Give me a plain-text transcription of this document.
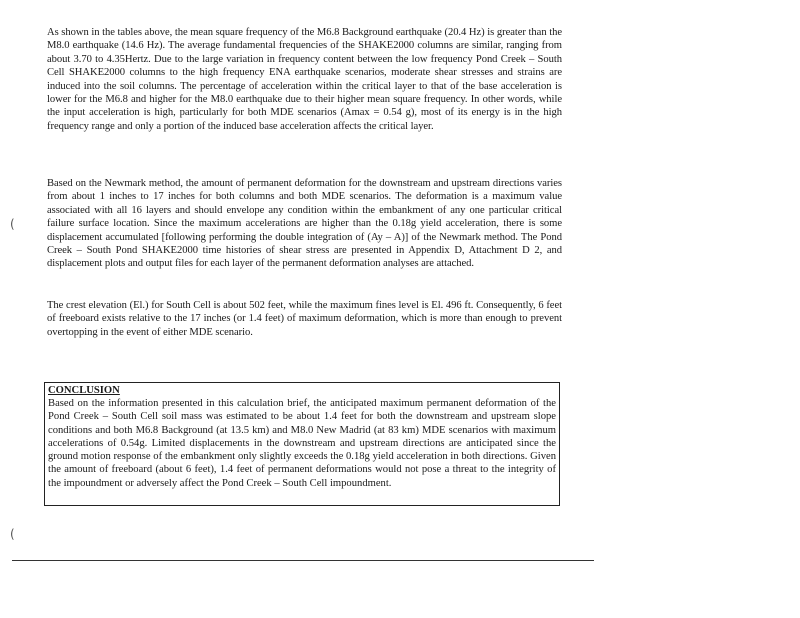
As shown in the tables above, the mean square frequency of the M6.8 Background earthquake (20.4 Hz) is greater than the M8.0 earthquake (14.6 Hz). The average fundamental frequencies of the SHAKE2000 columns are similar, ranging from about 3.70 to 4.35Hertz. Due to the large variation in frequency content between the low frequency Pond Creek – South Cell SHAKE2000 columns to the high frequency ENA earthquake scenarios, moderate shear stresses and strains are induced into the soil columns. The percentage of acceleration within the critical layer to that of the base acceleration is lower for the M6.8 and higher for the M8.0 earthquake due to their higher mean square frequency. In other words, while the input acceleration is high, particularly for both MDE scenarios (Amax = 0.54 g), most of its energy is in the high frequency range and only a portion of the induced base acceleration affects the critical layer.

Based on the Newmark method, the amount of permanent deformation for the downstream and upstream directions varies from about 1 inches to 17 inches for both columns and both MDE scenarios. The deformation is a maximum value associated with all 16 layers and should envelope any condition within the embankment of any one particular critical failure surface location. Since the maximum accelerations are higher than the 0.18g yield acceleration, there is some displacement accumulated [following performing the double integration of (Ay – A)] of the Newmark method. The Pond Creek – South Pond SHAKE2000 time histories of shear stress are presented in Appendix D, Attachment D 2, and displacement plots and output files for each layer of the permanent deformation analyses are attached.

The crest elevation (El.) for South Cell is about 502 feet, while the maximum fines level is El. 496 ft. Consequently, 6 feet of freeboard exists relative to the 17 inches (or 1.4 feet) of maximum deformation, which is more than enough to prevent overtopping in the event of either MDE scenario.

CONCLUSION

Based on the information presented in this calculation brief, the anticipated maximum permanent deformation of the Pond Creek – South Cell soil mass was estimated to be about 1.4 feet for both the downstream and upstream slope conditions and both M6.8 Background (at 13.5 km) and M8.0 New Madrid (at 83 km) MDE scenarios with maximum accelerations of 0.54g. Limited displacements in the downstream and upstream directions are anticipated since the ground motion response of the embankment only slightly exceeds the 0.18g yield acceleration in both directions. Given the amount of freeboard (about 6 feet), 1.4 feet of permanent deformations would not pose a threat to the integrity of the impoundment or adversely affect the Pond Creek – South Cell impoundment.

(
(
